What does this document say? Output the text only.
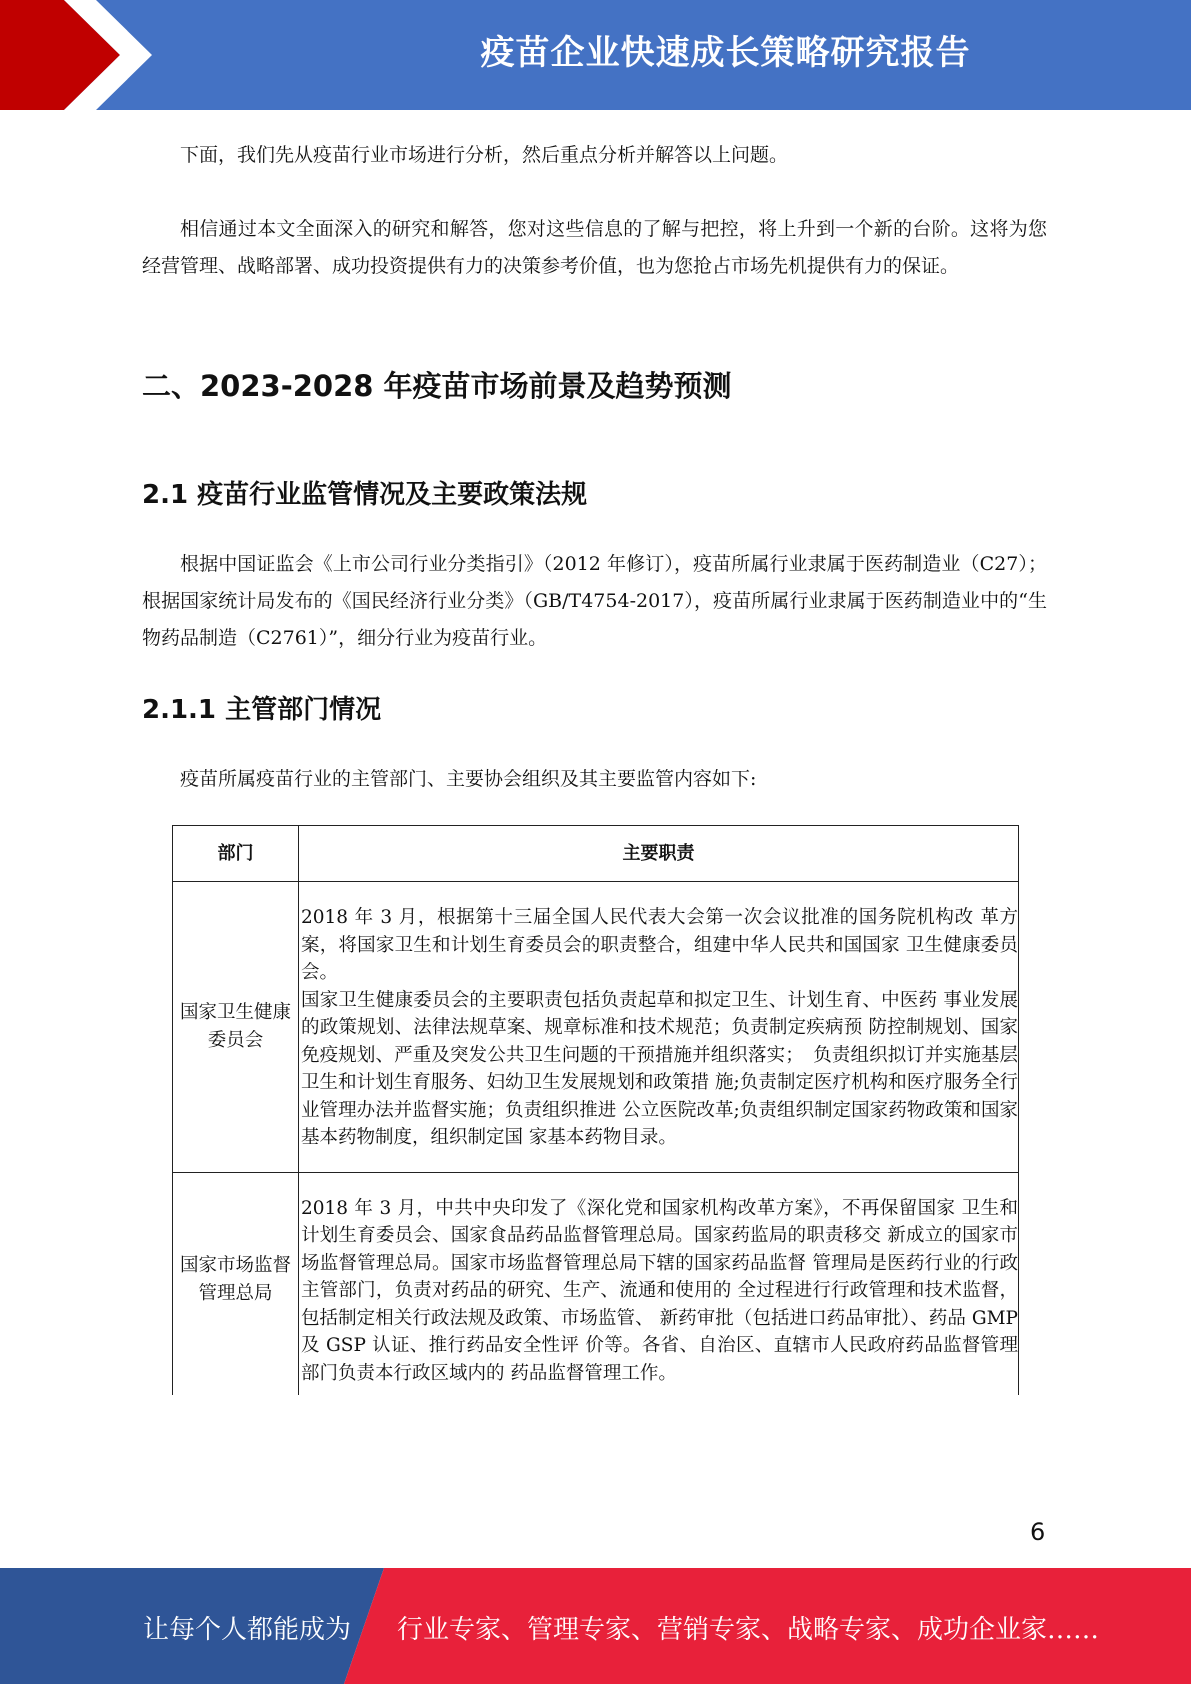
疫苗企业快速成长策略研究报告

下面，我们先从疫苗行业市场进行分析，然后重点分析并解答以上问题。

相信通过本文全面深入的研究和解答，您对这些信息的了解与把控，将上升到一个新的台阶。这将为您经营管理、战略部署、成功投资提供有力的决策参考价值，也为您抢占市场先机提供有力的保证。

二、2023-2028 年疫苗市场前景及趋势预测
2.1 疫苗行业监管情况及主要政策法规

根据中国证监会《上市公司行业分类指引》（2012 年修订），疫苗所属行业隶属于医药制造业（C27）；根据国家统计局发布的《国民经济行业分类》（GB/T4754-2017），疫苗所属行业隶属于医药制造业中的“生物药品制造（C2761）”，细分行业为疫苗行业。

2.1.1 主管部门情况

疫苗所属疫苗行业的主管部门、主要协会组织及其主要监管内容如下:

部门	主要职责
国家卫生健康委员会	2018 年 3 月，根据第十三届全国人民代表大会第一次会议批准的国务院机构改 革方案，将国家卫生和计划生育委员会的职责整合，组建中华人民共和国国家 卫生健康委员会。
国家卫生健康委员会的主要职责包括负责起草和拟定卫生、计划生育、中医药 事业发展的政策规划、法律法规草案、规章标准和技术规范；负责制定疾病预 防控制规划、国家免疫规划、严重及突发公共卫生问题的干预措施并组织落实；　负责组织拟订并实施基层卫生和计划生育服务、妇幼卫生发展规划和政策措 施;负责制定医疗机构和医疗服务全行业管理办法并监督实施；负责组织推进 公立医院改革;负责组织制定国家药物政策和国家基本药物制度，组织制定国 家基本药物目录。

国家市场监督管理总局	2018 年 3 月，中共中央印发了《深化党和国家机构改革方案》，不再保留国家 卫生和计划生育委员会、国家食品药品监督管理总局。国家药监局的职责移交 新成立的国家市场监督管理总局。国家市场监督管理总局下辖的国家药品监督 管理局是医药行业的行政主管部门，负责对药品的研究、生产、流通和使用的 全过程进行行政管理和技术监督，包括制定相关行政法规及政策、市场监管、 新药审批（包括进口药品审批）、药品 GMP 及 GSP 认证、推行药品安全性评 价等。各省、自治区、直辖市人民政府药品监督管理部门负责本行政区域内的 药品监督管理工作。
6
让每个人都能成为 行业专家、管理专家、营销专家、战略专家、成功企业家……
